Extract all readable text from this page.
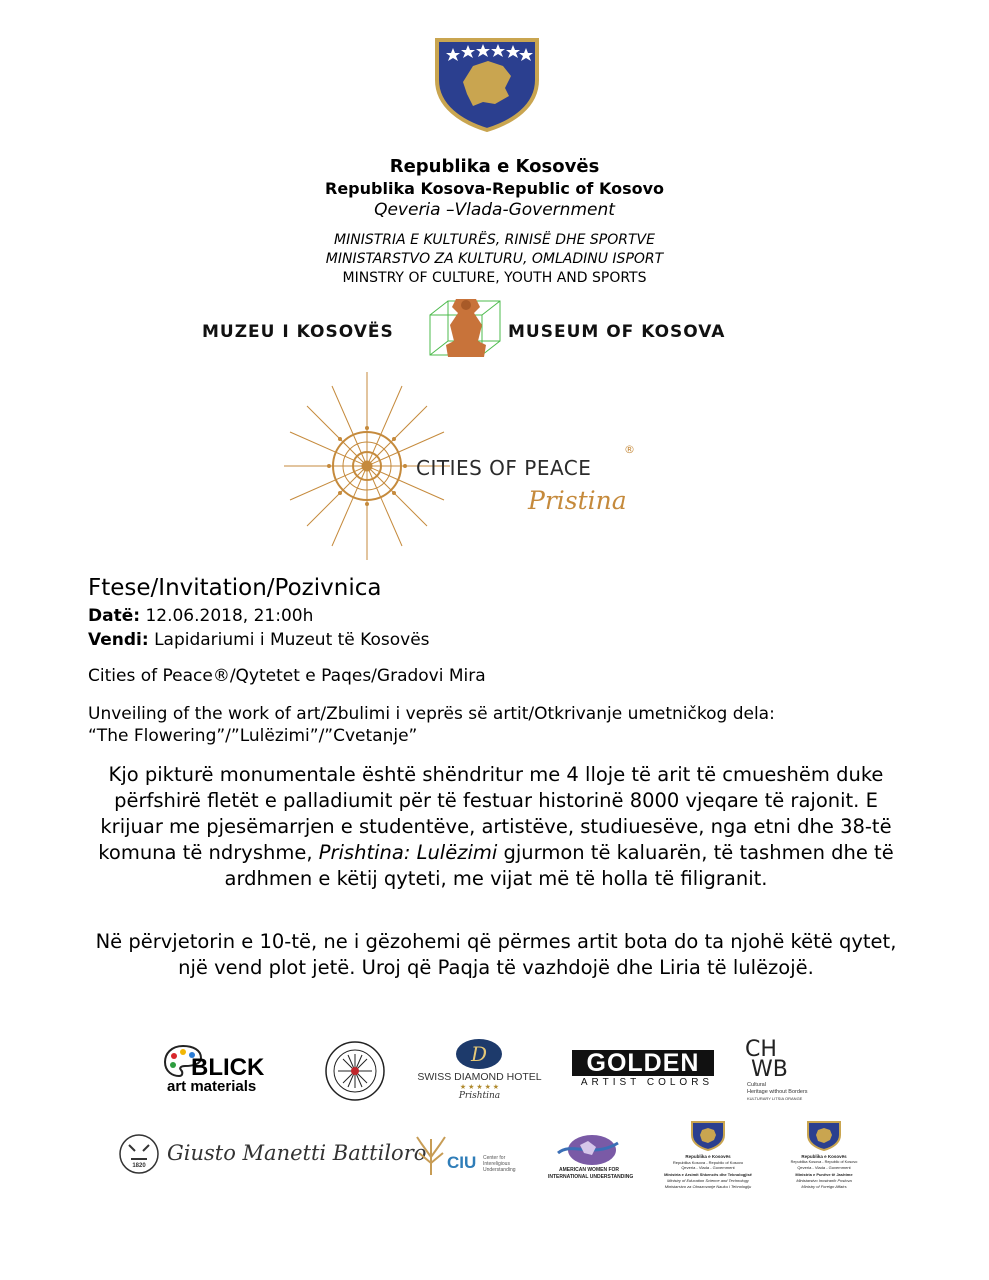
Republika e Kosovës
Republika Kosova-Republic of Kosovo
Qeveria –Vlada-Government
MINISTRIA E KULTURËS, RINISË DHE SPORTVE
MINISTARSTVO ZA KULTURU, OMLADINU ISPORT
MINSTRY OF CULTURE, YOUTH AND SPORTS
MUZEU I KOSOVËS	MUSEUM OF KOSOVA
CITIES OF PEACE
®
Pristina
Ftese/Invitation/Pozivnica
Datë: 12.06.2018, 21:00h
Vendi: Lapidariumi i Muzeut të Kosovës
Cities of Peace®/Qytetet e Paqes/Gradovi Mira
Unveiling of the work of art/Zbulimi i veprës së artit/Otkrivanje umetničkog dela:
“The Flowering”/”Lulëzimi”/”Cvetanje”
Kjo pikturë monumentale është shëndritur me 4 lloje të arit të cmueshëm duke përfshirë fletët e palladiumit për të festuar historinë 8000 vjeqare të rajonit. E krijuar me pjesëmarrjen e studentëve, artistëve, studiuesëve, nga etni dhe 38-të komuna të ndryshme, Prishtina: Lulëzimi gjurmon të kaluarën, të tashmen dhe të ardhmen e këtij qyteti, me vijat më të holla të filigranit.
Në përvjetorin e 10-të, ne i gëzohemi që përmes artit bota do ta njohë këtë qytet, një vend plot jetë. Uroj që Paqja të vazhdojë dhe Liria të lulëzojë.
BLICK
art materials
D
SWISS DIAMOND HOTEL
★ ★ ★ ★ ★
Prishtina
GOLDEN
ARTIST COLORS
CH
WB
Cultural
Heritage without Borders
KULTURARY LITSIA ORANGE
1820
Giusto Manetti Battiloro CIU Center for Intereligious Understanding	AMERICAN WOMEN FOR
INTERNATIONAL UNDERSTANDING
Republika e Kosovës
Republika Kosova - Republic of Kosovo
Qeveria - Vlada - Government
Ministria e Arsimit Shkencës dhe Teknologjisë
Ministry of Education Science and Technology
Ministarstvo za Obrazovanje Nauku i Tehnologiju
Republika e Kosovës
Republika Kosova - Republic of Kosovo
Qeveria - Vlada - Government
Ministria e Punëve të Jashtme
Ministarstvo Inostranih Poslova
Ministry of Foreign Affairs
